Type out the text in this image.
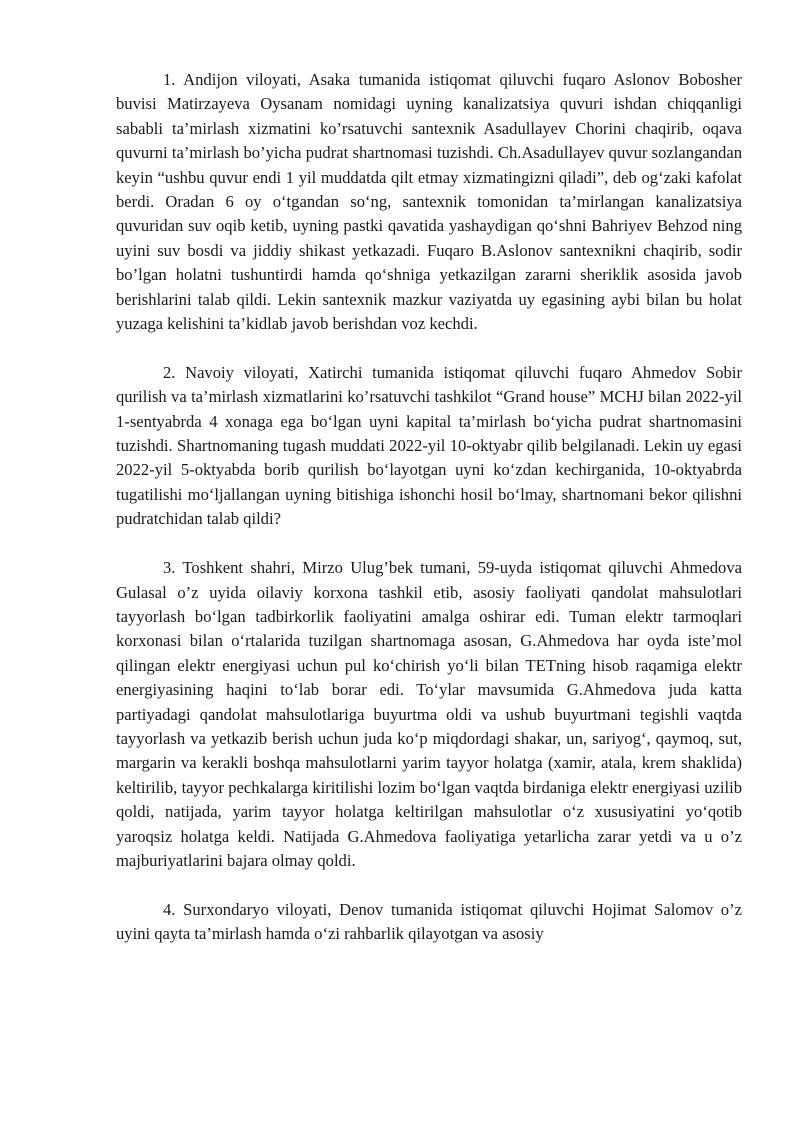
1. Andijon viloyati, Asaka tumanida istiqomat qiluvchi fuqaro Aslonov Bobosher buvisi Matirzayeva Oysanam nomidagi uyning kanalizatsiya quvuri ishdan chiqqanligi sababli ta’mirlash xizmatini ko’rsatuvchi santexnik Asadullayev Chorini chaqirib, oqava quvurni ta’mirlash bo’yicha pudrat shartnomasi tuzishdi. Ch.Asadullayev quvur sozlangandan keyin “ushbu quvur endi 1 yil muddatda qilt etmay xizmatingizni qiladi”, deb og‘zaki kafolat berdi. Oradan 6 oy o‘tgandan so‘ng, santexnik tomonidan ta’mirlangan kanalizatsiya quvuridan suv oqib ketib, uyning pastki qavatida yashaydigan qo‘shni Bahriyev Behzod ning uyini suv bosdi va jiddiy shikast yetkazadi. Fuqaro B.Aslonov santexnikni chaqirib, sodir bo’lgan holatni tushuntirdi hamda qo‘shniga yetkazilgan zararni sheriklik asosida javob berishlarini talab qildi. Lekin santexnik mazkur vaziyatda uy egasining aybi bilan bu holat yuzaga kelishini ta’kidlab javob berishdan voz kechdi.

2. Navoiy viloyati, Xatirchi tumanida istiqomat qiluvchi fuqaro Ahmedov Sobir qurilish va ta’mirlash xizmatlarini ko’rsatuvchi tashkilot “Grand house” MCHJ bilan 2022-yil 1-sentyabrda 4 xonaga ega bo‘lgan uyni kapital ta’mirlash bo‘yicha pudrat shartnomasini tuzishdi. Shartnomaning tugash muddati 2022-yil 10-oktyabr qilib belgilanadi. Lekin uy egasi 2022-yil 5-oktyabda borib qurilish bo‘layotgan uyni ko‘zdan kechirganida, 10-oktyabrda tugatilishi mo‘ljallangan uyning bitishiga ishonchi hosil bo‘lmay, shartnomani bekor qilishni pudratchidan talab qildi?

3. Toshkent shahri, Mirzo Ulug’bek tumani, 59-uyda istiqomat qiluvchi Ahmedova Gulasal o’z uyida oilaviy korxona tashkil etib, asosiy faoliyati qandolat mahsulotlari tayyorlash bo‘lgan tadbirkorlik faoliyatini amalga oshirar edi. Tuman elektr tarmoqlari korxonasi bilan o‘rtalarida tuzilgan shartnomaga asosan, G.Ahmedova har oyda iste’mol qilingan elektr energiyasi uchun pul ko‘chirish yo‘li bilan TETning hisob raqamiga elektr energiyasining haqini to‘lab borar edi. To‘ylar mavsumida G.Ahmedova juda katta partiyadagi qandolat mahsulotlariga buyurtma oldi va ushub buyurtmani tegishli vaqtda tayyorlash va yetkazib berish uchun juda ko‘p miqdordagi shakar, un, sariyog‘, qaymoq, sut, margarin va kerakli boshqa mahsulotlarni yarim tayyor holatga (xamir, atala, krem shaklida) keltirilib, tayyor pechkalarga kiritilishi lozim bo‘lgan vaqtda birdaniga elektr energiyasi uzilib qoldi, natijada, yarim tayyor holatga keltirilgan mahsulotlar o‘z xususiyatini yo‘qotib yaroqsiz holatga keldi. Natijada G.Ahmedova faoliyatiga yetarlicha zarar yetdi va u o’z majburiyatlarini bajara olmay qoldi.

4. Surxondaryo viloyati, Denov tumanida istiqomat qiluvchi Hojimat Salomov o’z uyini qayta ta’mirlash hamda o‘zi rahbarlik qilayotgan va asosiy
